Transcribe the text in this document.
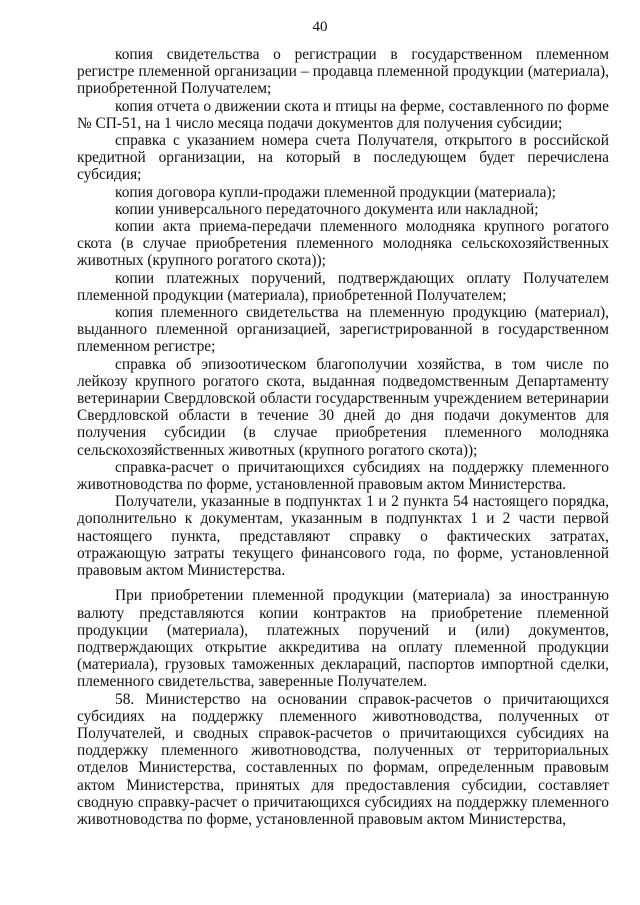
40

копия свидетельства о регистрации в государственном племенном регистре племенной организации – продавца племенной продукции (материала), приобретенной Получателем;

копия отчета о движении скота и птицы на ферме, составленного по форме № СП-51, на 1 число месяца подачи документов для получения субсидии;

справка с указанием номера счета Получателя, открытого в российской кредитной организации, на который в последующем будет перечислена субсидия;

копия договора купли-продажи племенной продукции (материала);

копии универсального передаточного документа или накладной;

копии акта приема-передачи племенного молодняка крупного рогатого скота (в случае приобретения племенного молодняка сельскохозяйственных животных (крупного рогатого скота));

копии платежных поручений, подтверждающих оплату Получателем племенной продукции (материала), приобретенной Получателем;

копия племенного свидетельства на племенную продукцию (материал), выданного племенной организацией, зарегистрированной в государственном племенном регистре;

справка об эпизоотическом благополучии хозяйства, в том числе по лейкозу крупного рогатого скота, выданная подведомственным Департаменту ветеринарии Свердловской области государственным учреждением ветеринарии Свердловской области в течение 30 дней до дня подачи документов для получения субсидии (в случае приобретения племенного молодняка сельскохозяйственных животных (крупного рогатого скота));

справка-расчет о причитающихся субсидиях на поддержку племенного животноводства по форме, установленной правовым актом Министерства.

Получатели, указанные в подпунктах 1 и 2 пункта 54 настоящего порядка, дополнительно к документам, указанным в подпунктах 1 и 2 части первой настоящего пункта, представляют справку о фактических затратах, отражающую затраты текущего финансового года, по форме, установленной правовым актом Министерства.

При приобретении племенной продукции (материала) за иностранную валюту представляются копии контрактов на приобретение племенной продукции (материала), платежных поручений и (или) документов, подтверждающих открытие аккредитива на оплату племенной продукции (материала), грузовых таможенных деклараций, паспортов импортной сделки, племенного свидетельства, заверенные Получателем.

58. Министерство на основании справок-расчетов о причитающихся субсидиях на поддержку племенного животноводства, полученных от Получателей, и сводных справок-расчетов о причитающихся субсидиях на поддержку племенного животноводства, полученных от территориальных отделов Министерства, составленных по формам, определенным правовым актом Министерства, принятых для предоставления субсидии, составляет сводную справку-расчет о причитающихся субсидиях на поддержку племенного животноводства по форме, установленной правовым актом Министерства,
